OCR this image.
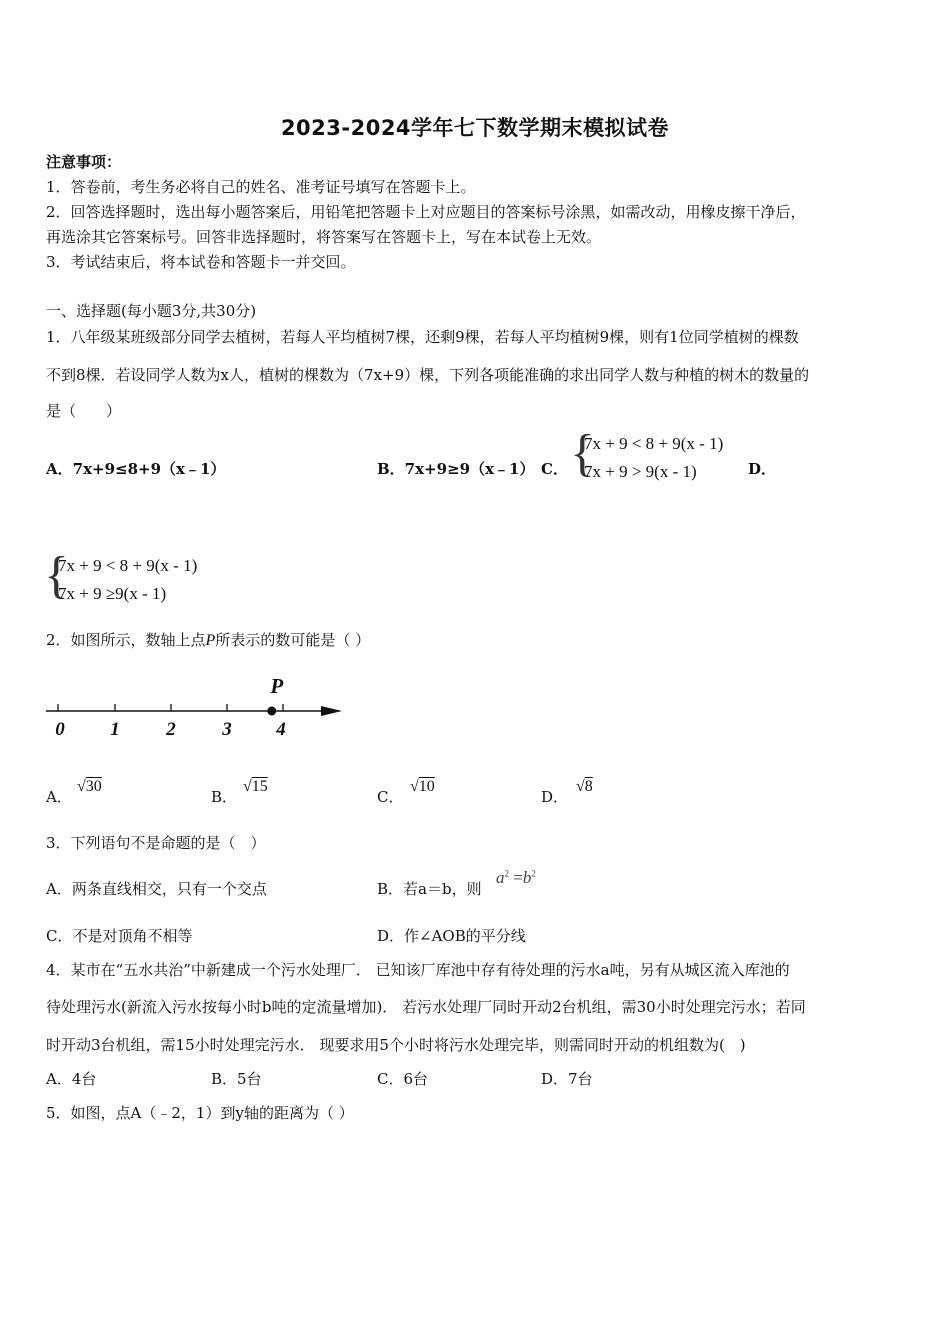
2023-2024学年七下数学期末模拟试卷
注意事项：
1．答卷前，考生务必将自己的姓名、准考证号填写在答题卡上。
2．回答选择题时，选出每小题答案后，用铅笔把答题卡上对应题目的答案标号涂黑，如需改动，用橡皮擦干净后，
再选涂其它答案标号。回答非选择题时，将答案写在答题卡上，写在本试卷上无效。
3．考试结束后，将本试卷和答题卡一并交回。
一、选择题(每小题3分,共30分)
1．八年级某班级部分同学去植树，若每人平均植树7棵，还剩9棵，若每人平均植树9棵，则有1位同学植树的棵数
不到8棵．若设同学人数为x人，植树的棵数为（7x+9）棵，下列各项能准确的求出同学人数与种植的树木的数量的
是（　　）
A．7x+9≤8+9（x﹣1）	B．7x+9≥9（x﹣1） C． {
7x + 9 < 8 + 9(x - 1)
7x + 9 > 9(x - 1)	D．
{
7x + 9 < 8 + 9(x - 1)
7x + 9 ≥9(x - 1)
2．如图所示，数轴上点P所表示的数可能是（ ）
0 1 2 3 4
P
A．
√30
B．
√15
C．
√10
D．
√8
3．下列语句不是命题的是（　）
A．两条直线相交，只有一个交点	B．若a＝b，则
$a^2 =b^2$
C．不是对顶角不相等	D．作∠AOB的平分线
4．某市在“五水共治”中新建成一个污水处理厂． 已知该厂库池中存有待处理的污水a吨，另有从城区流入库池的
待处理污水(新流入污水按每小时b吨的定流量增加)． 若污水处理厂同时开动2台机组，需30小时处理完污水；若同
时开动3台机组，需15小时处理完污水． 现要求用5个小时将污水处理完毕，则需同时开动的机组数为(　)
A．4台	B．5台	C．6台	D．7台
5．如图，点A（﹣2，1）到y轴的距离为（ ）
